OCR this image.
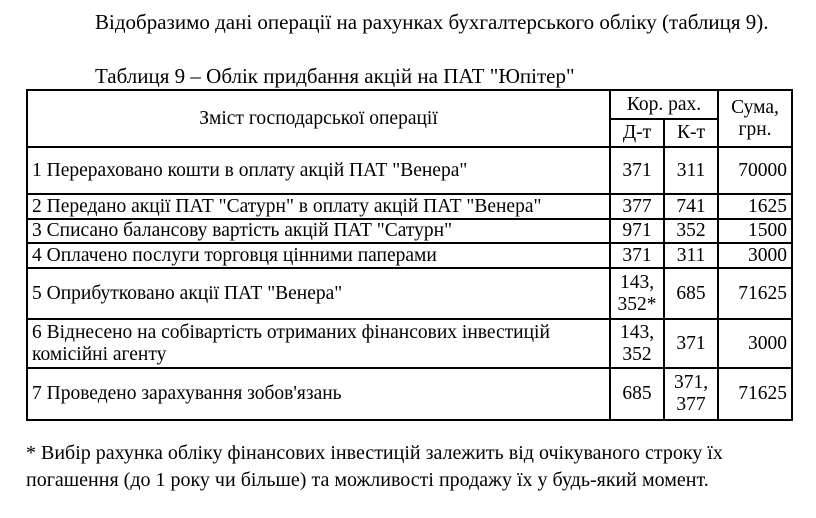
Відобразимо дані операції на рахунках бухгалтерського обліку (таблиця 9).
Таблиця 9 – Облік придбання акцій на ПАТ "Юпітер"
Зміст господарської операції	Кор. рах.		Сума, грн.
	Д-т	К-т	
1 Перераховано кошти в оплату акцій ПАТ "Венера"	371	311	70000
2 Передано акції ПАТ "Сатурн" в оплату акцій ПАТ "Венера"	377	741	1625
3 Списано балансову вартість акцій ПАТ "Сатурн"	971	352	1500
4 Оплачено послуги торговця цінними паперами	371	311	3000
5 Оприбутковано акції ПАТ "Венера"	143, 352*	685	71625
6 Віднесено на собівартість отриманих фінансових інвестицій комісійні агенту	143, 352	371	3000
7 Проведено зарахування зобов'язань	685	371, 377	71625
* Вибір рахунка обліку фінансових інвестицій залежить від очікуваного строку їх погашення (до 1 року чи більше) та можливості продажу їх у будь-який момент.
